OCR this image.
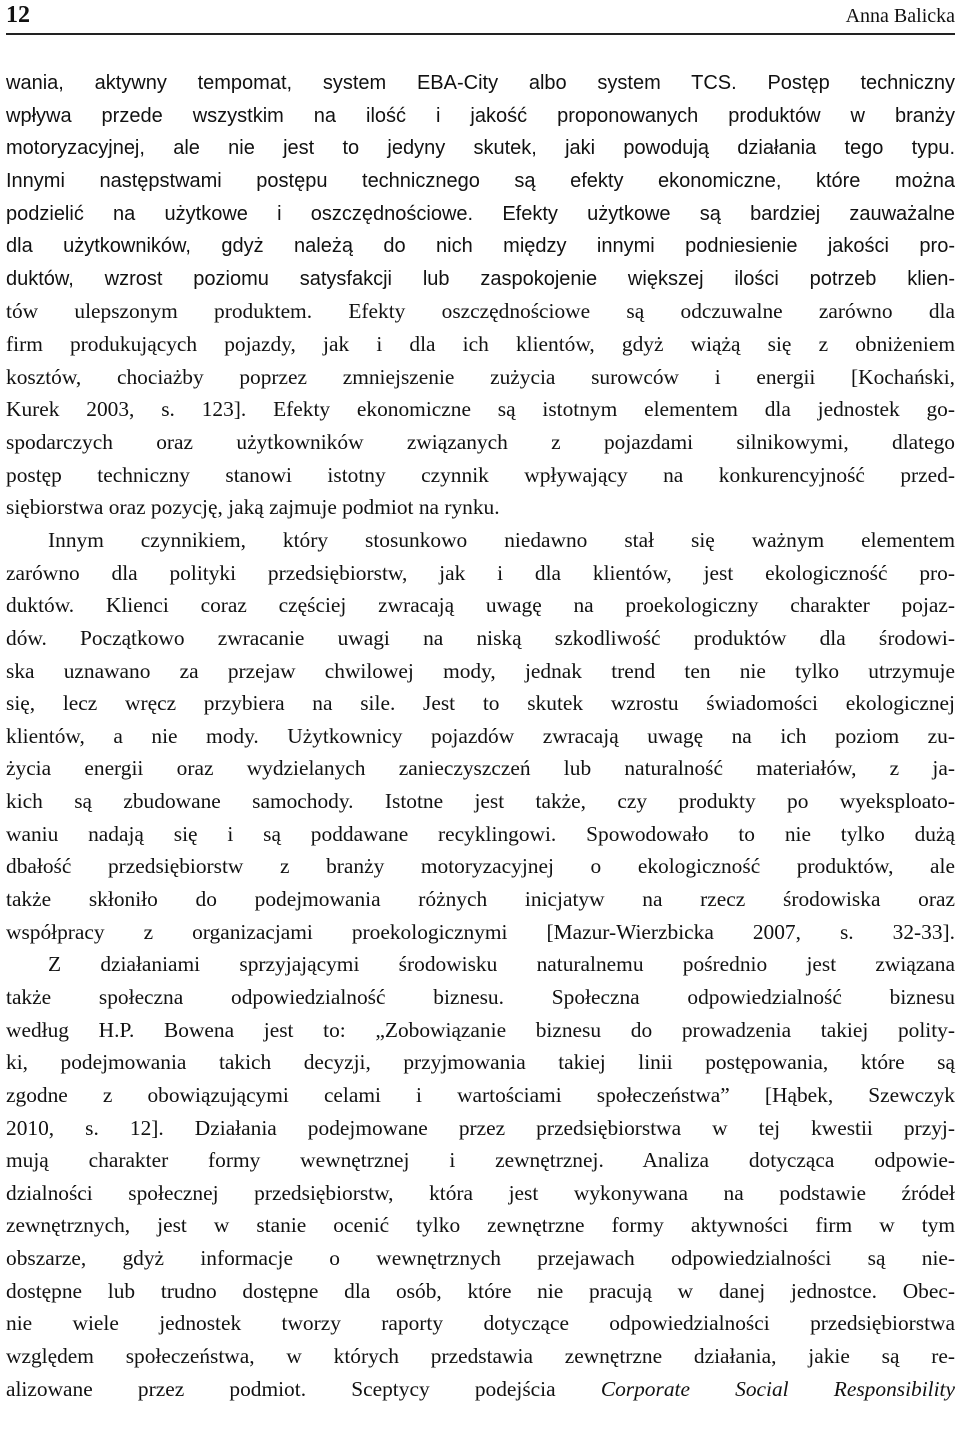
12	Anna Balicka
wania, aktywny tempomat, system EBA-City albo system TCS. Postęp techniczny
wpływa przede wszystkim na ilość i jakość proponowanych produktów w branży
motoryzacyjnej, ale nie jest to jedyny skutek, jaki powodują działania tego typu.
Innymi następstwami postępu technicznego są efekty ekonomiczne, które można
podzielić na użytkowe i oszczędnościowe. Efekty użytkowe są bardziej zauważalne
dla użytkowników, gdyż należą do nich między innymi podniesienie jakości pro-
duktów, wzrost poziomu satysfakcji lub zaspokojenie większej ilości potrzeb klien-
tów ulepszonym produktem. Efekty oszczędnościowe są odczuwalne zarówno dla
firm produkujących pojazdy, jak i dla ich klientów, gdyż wiążą się z obniżeniem
kosztów, chociażby poprzez zmniejszenie zużycia surowców i energii [Kochański,
Kurek 2003, s. 123]. Efekty ekonomiczne są istotnym elementem dla jednostek go-
spodarczych oraz użytkowników związanych z pojazdami silnikowymi, dlatego
postęp techniczny stanowi istotny czynnik wpływający na konkurencyjność przed-
siębiorstwa oraz pozycję, jaką zajmuje podmiot na rynku.
Innym czynnikiem, który stosunkowo niedawno stał się ważnym elementem
zarówno dla polityki przedsiębiorstw, jak i dla klientów, jest ekologiczność pro-
duktów. Klienci coraz częściej zwracają uwagę na proekologiczny charakter pojaz-
dów. Początkowo zwracanie uwagi na niską szkodliwość produktów dla środowi-
ska uznawano za przejaw chwilowej mody, jednak trend ten nie tylko utrzymuje
się, lecz wręcz przybiera na sile. Jest to skutek wzrostu świadomości ekologicznej
klientów, a nie mody. Użytkownicy pojazdów zwracają uwagę na ich poziom zu-
życia energii oraz wydzielanych zanieczyszczeń lub naturalność materiałów, z ja-
kich są zbudowane samochody. Istotne jest także, czy produkty po wyeksploato-
waniu nadają się i są poddawane recyklingowi. Spowodowało to nie tylko dużą
dbałość przedsiębiorstw z branży motoryzacyjnej o ekologiczność produktów, ale
także skłoniło do podejmowania różnych inicjatyw na rzecz środowiska oraz
współpracy z organizacjami proekologicznymi [Mazur-Wierzbicka 2007, s. 32-33].
Z działaniami sprzyjającymi środowisku naturalnemu pośrednio jest związana
także społeczna odpowiedzialność biznesu. Społeczna odpowiedzialność biznesu
według H.P. Bowena jest to: „Zobowiązanie biznesu do prowadzenia takiej polity-
ki, podejmowania takich decyzji, przyjmowania takiej linii postępowania, które są
zgodne z obowiązującymi celami i wartościami społeczeństwa” [Hąbek, Szewczyk
2010, s. 12]. Działania podejmowane przez przedsiębiorstwa w tej kwestii przyj-
mują charakter formy wewnętrznej i zewnętrznej. Analiza dotycząca odpowie-
dzialności społecznej przedsiębiorstw, która jest wykonywana na podstawie źródeł
zewnętrznych, jest w stanie ocenić tylko zewnętrzne formy aktywności firm w tym
obszarze, gdyż informacje o wewnętrznych przejawach odpowiedzialności są nie-
dostępne lub trudno dostępne dla osób, które nie pracują w danej jednostce. Obec-
nie wiele jednostek tworzy raporty dotyczące odpowiedzialności przedsiębiorstwa
względem społeczeństwa, w których przedstawia zewnętrzne działania, jakie są re-
alizowane przez podmiot. Sceptycy podejścia Corporate Social Responsibility
